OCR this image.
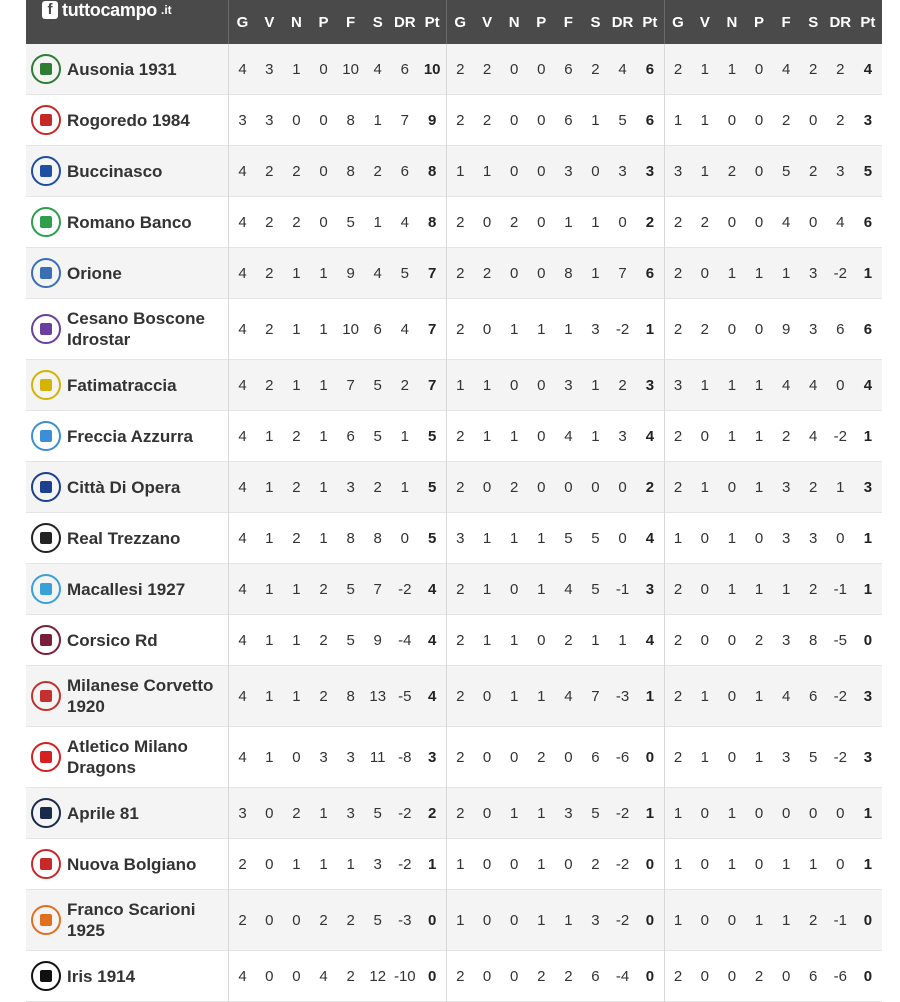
f tuttocampo .it	G	V	N	P	F	S	DR	Pt	G	V	N	P	F	S	DR	Pt	G	V	N	P	F	S	DR	Pt

Ausonia 1931	4	3	1	0	10	4	6	10	2	2	0	0	6	2	4	6	2	1	1	0	4	2	2	4

Rogoredo 1984	3	3	0	0	8	1	7	9	2	2	0	0	6	1	5	6	1	1	0	0	2	0	2	3

Buccinasco	4	2	2	0	8	2	6	8	1	1	0	0	3	0	3	3	3	1	2	0	5	2	3	5

Romano Banco	4	2	2	0	5	1	4	8	2	0	2	0	1	1	0	2	2	2	0	0	4	0	4	6

Orione	4	2	1	1	9	4	5	7	2	2	0	0	8	1	7	6	2	0	1	1	1	3	-2	1

Cesano Boscone Idrostar	4	2	1	1	10	6	4	7	2	0	1	1	1	3	-2	1	2	2	0	0	9	3	6	6

Fatimatraccia	4	2	1	1	7	5	2	7	1	1	0	0	3	1	2	3	3	1	1	1	4	4	0	4

Freccia Azzurra	4	1	2	1	6	5	1	5	2	1	1	0	4	1	3	4	2	0	1	1	2	4	-2	1

Città Di Opera	4	1	2	1	3	2	1	5	2	0	2	0	0	0	0	2	2	1	0	1	3	2	1	3

Real Trezzano	4	1	2	1	8	8	0	5	3	1	1	1	5	5	0	4	1	0	1	0	3	3	0	1

Macallesi 1927	4	1	1	2	5	7	-2	4	2	1	0	1	4	5	-1	3	2	0	1	1	1	2	-1	1

Corsico Rd	4	1	1	2	5	9	-4	4	2	1	1	0	2	1	1	4	2	0	0	2	3	8	-5	0

Milanese Corvetto 1920	4	1	1	2	8	13	-5	4	2	0	1	1	4	7	-3	1	2	1	0	1	4	6	-2	3

Atletico Milano Dragons	4	1	0	3	3	11	-8	3	2	0	0	2	0	6	-6	0	2	1	0	1	3	5	-2	3

Aprile 81	3	0	2	1	3	5	-2	2	2	0	1	1	3	5	-2	1	1	0	1	0	0	0	0	1

Nuova Bolgiano	2	0	1	1	1	3	-2	1	1	0	0	1	0	2	-2	0	1	0	1	0	1	1	0	1

Franco Scarioni 1925	2	0	0	2	2	5	-3	0	1	0	0	1	1	3	-2	0	1	0	0	1	1	2	-1	0

Iris 1914	4	0	0	4	2	12	-10	0	2	0	0	2	2	6	-4	0	2	0	0	2	0	6	-6	0
